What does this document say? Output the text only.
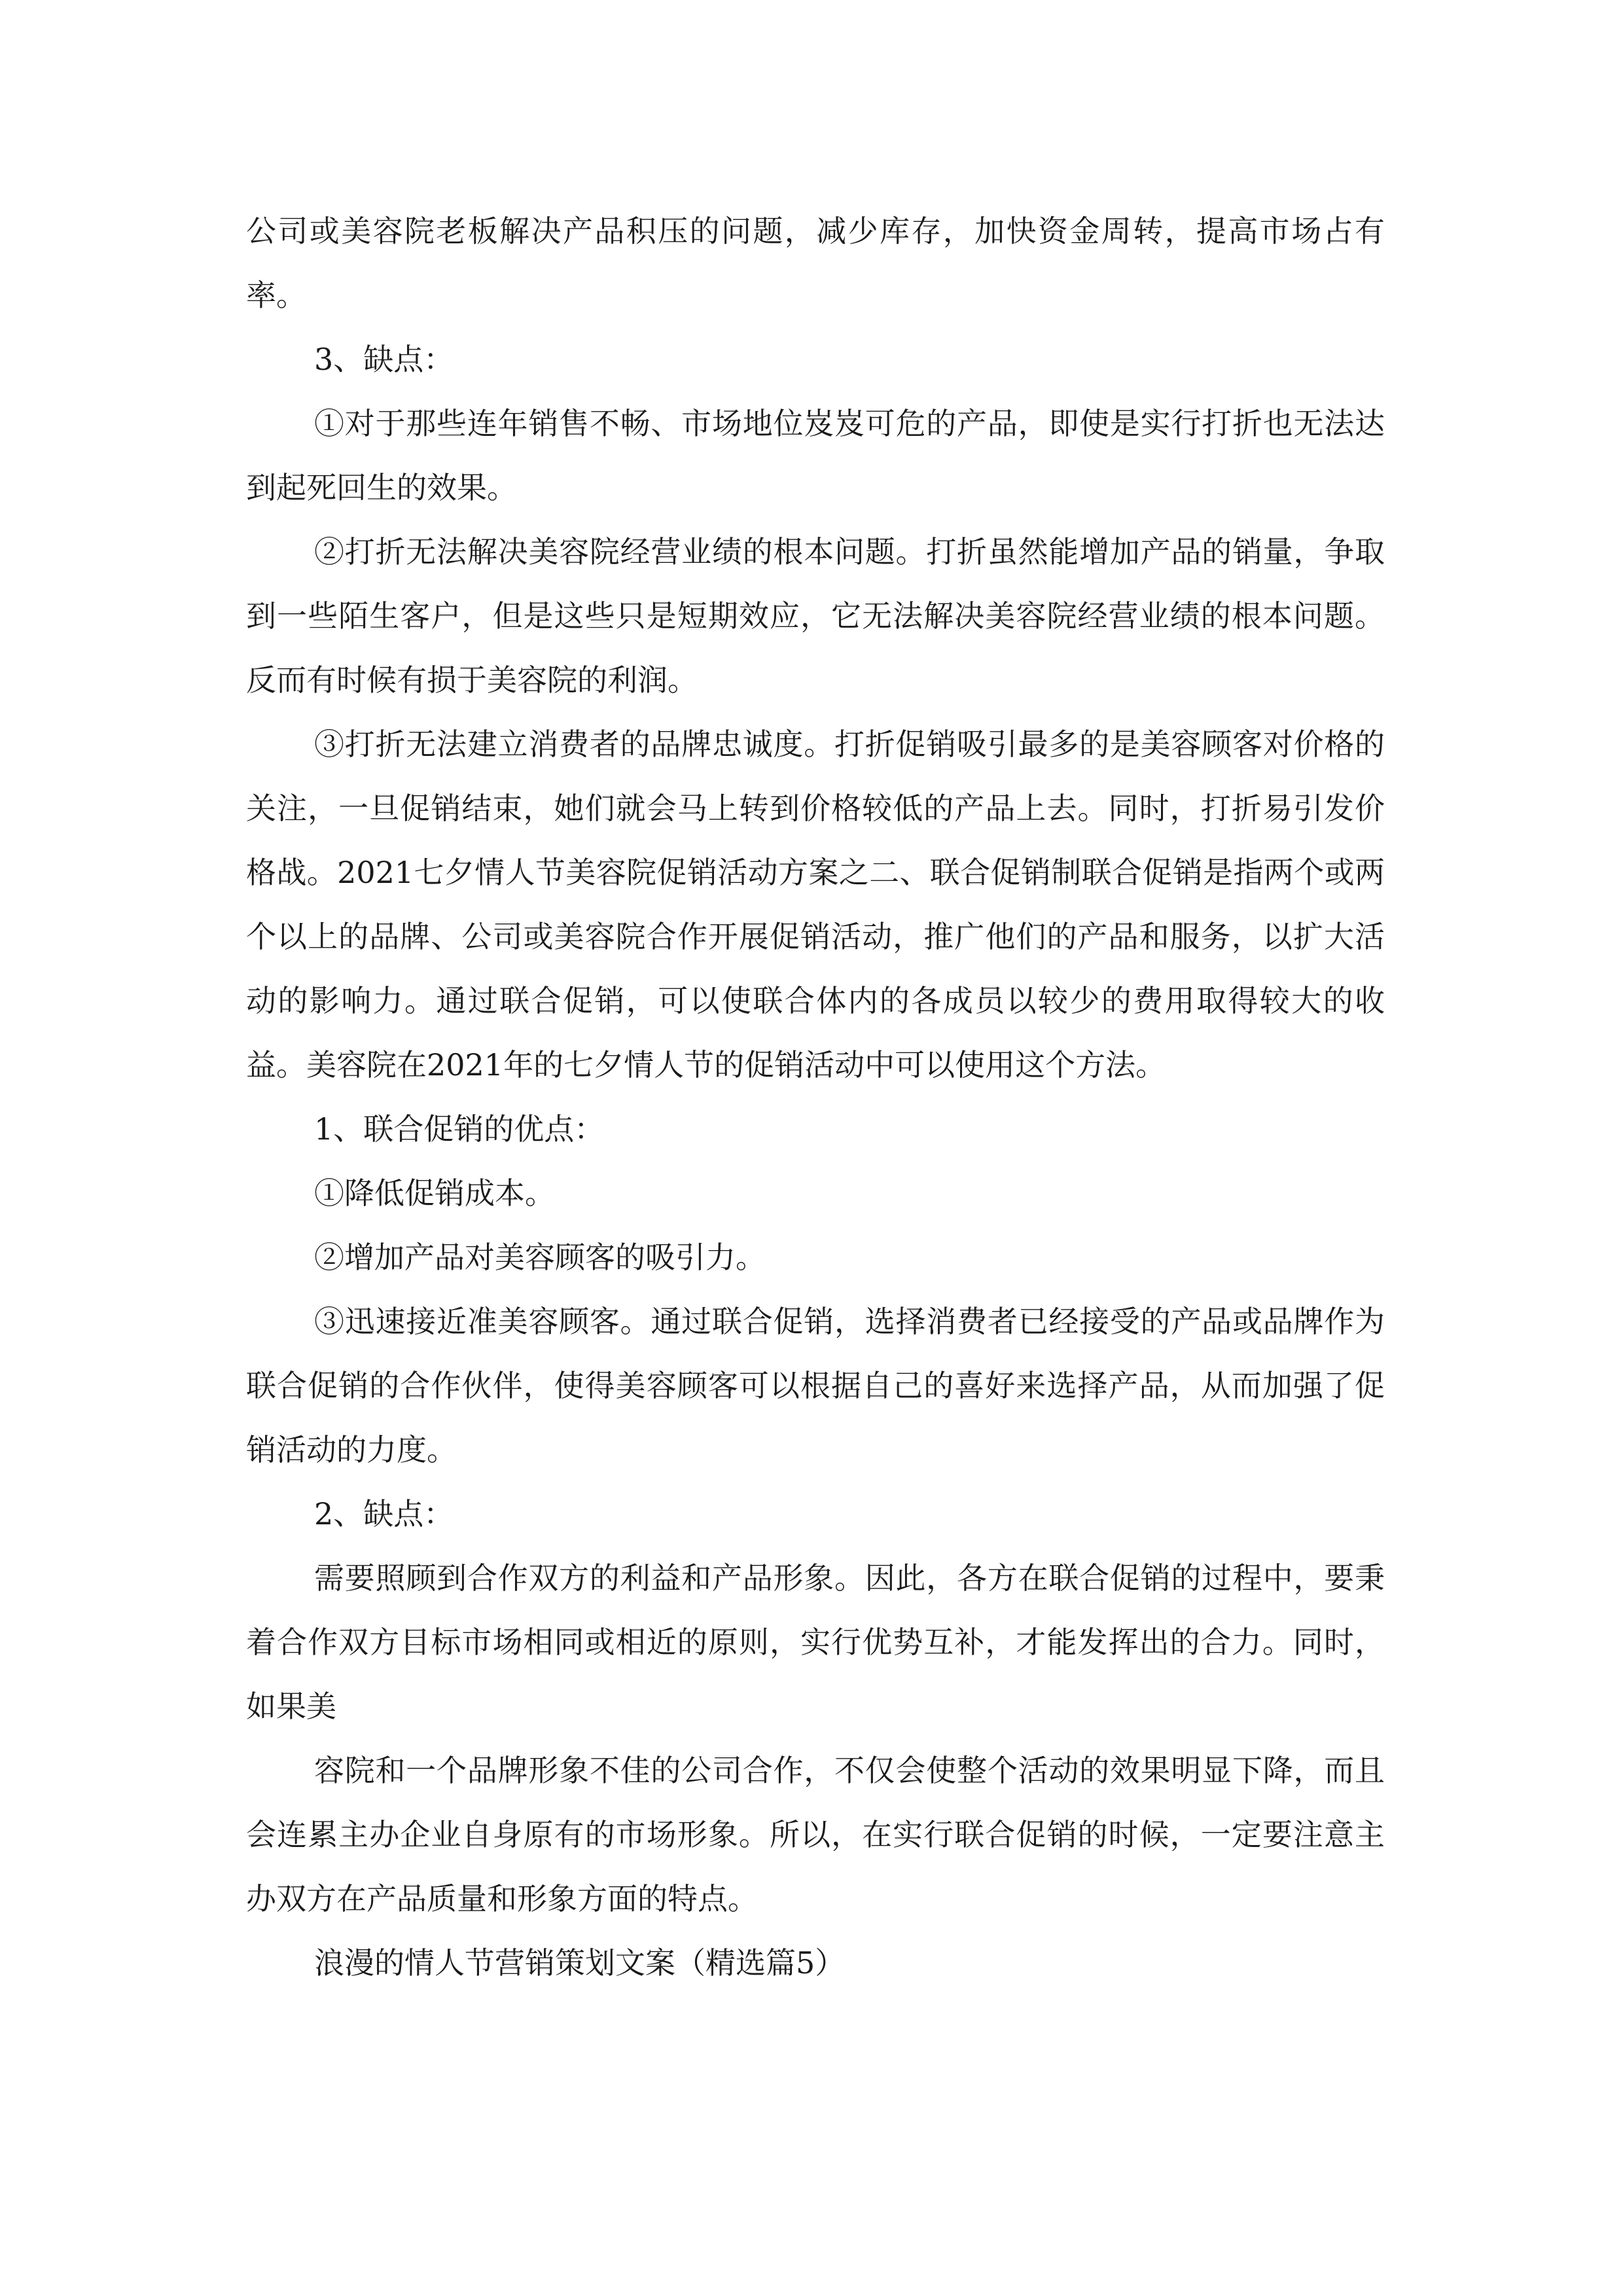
公司或美容院老板解决产品积压的问题，减少库存，加快资金周转，提高市场占有率。

3、缺点：

①对于那些连年销售不畅、市场地位岌岌可危的产品，即使是实行打折也无法达到起死回生的效果。

②打折无法解决美容院经营业绩的根本问题。打折虽然能增加产品的销量，争取到一些陌生客户，但是这些只是短期效应，它无法解决美容院经营业绩的根本问题。反而有时候有损于美容院的利润。

③打折无法建立消费者的品牌忠诚度。打折促销吸引最多的是美容顾客对价格的关注，一旦促销结束，她们就会马上转到价格较低的产品上去。同时，打折易引发价格战。2021七夕情人节美容院促销活动方案之二、联合促销制联合促销是指两个或两个以上的品牌、公司或美容院合作开展促销活动，推广他们的产品和服务，以扩大活动的影响力。通过联合促销，可以使联合体内的各成员以较少的费用取得较大的收益。美容院在2021年的七夕情人节的促销活动中可以使用这个方法。

1、联合促销的优点：

①降低促销成本。

②增加产品对美容顾客的吸引力。

③迅速接近准美容顾客。通过联合促销，选择消费者已经接受的产品或品牌作为联合促销的合作伙伴，使得美容顾客可以根据自己的喜好来选择产品，从而加强了促销活动的力度。

2、缺点：

需要照顾到合作双方的利益和产品形象。因此，各方在联合促销的过程中，要秉着合作双方目标市场相同或相近的原则，实行优势互补，才能发挥出的合力。同时，如果美

容院和一个品牌形象不佳的公司合作，不仅会使整个活动的效果明显下降，而且会连累主办企业自身原有的市场形象。所以，在实行联合促销的时候，一定要注意主办双方在产品质量和形象方面的特点。

浪漫的情人节营销策划文案（精选篇5）
